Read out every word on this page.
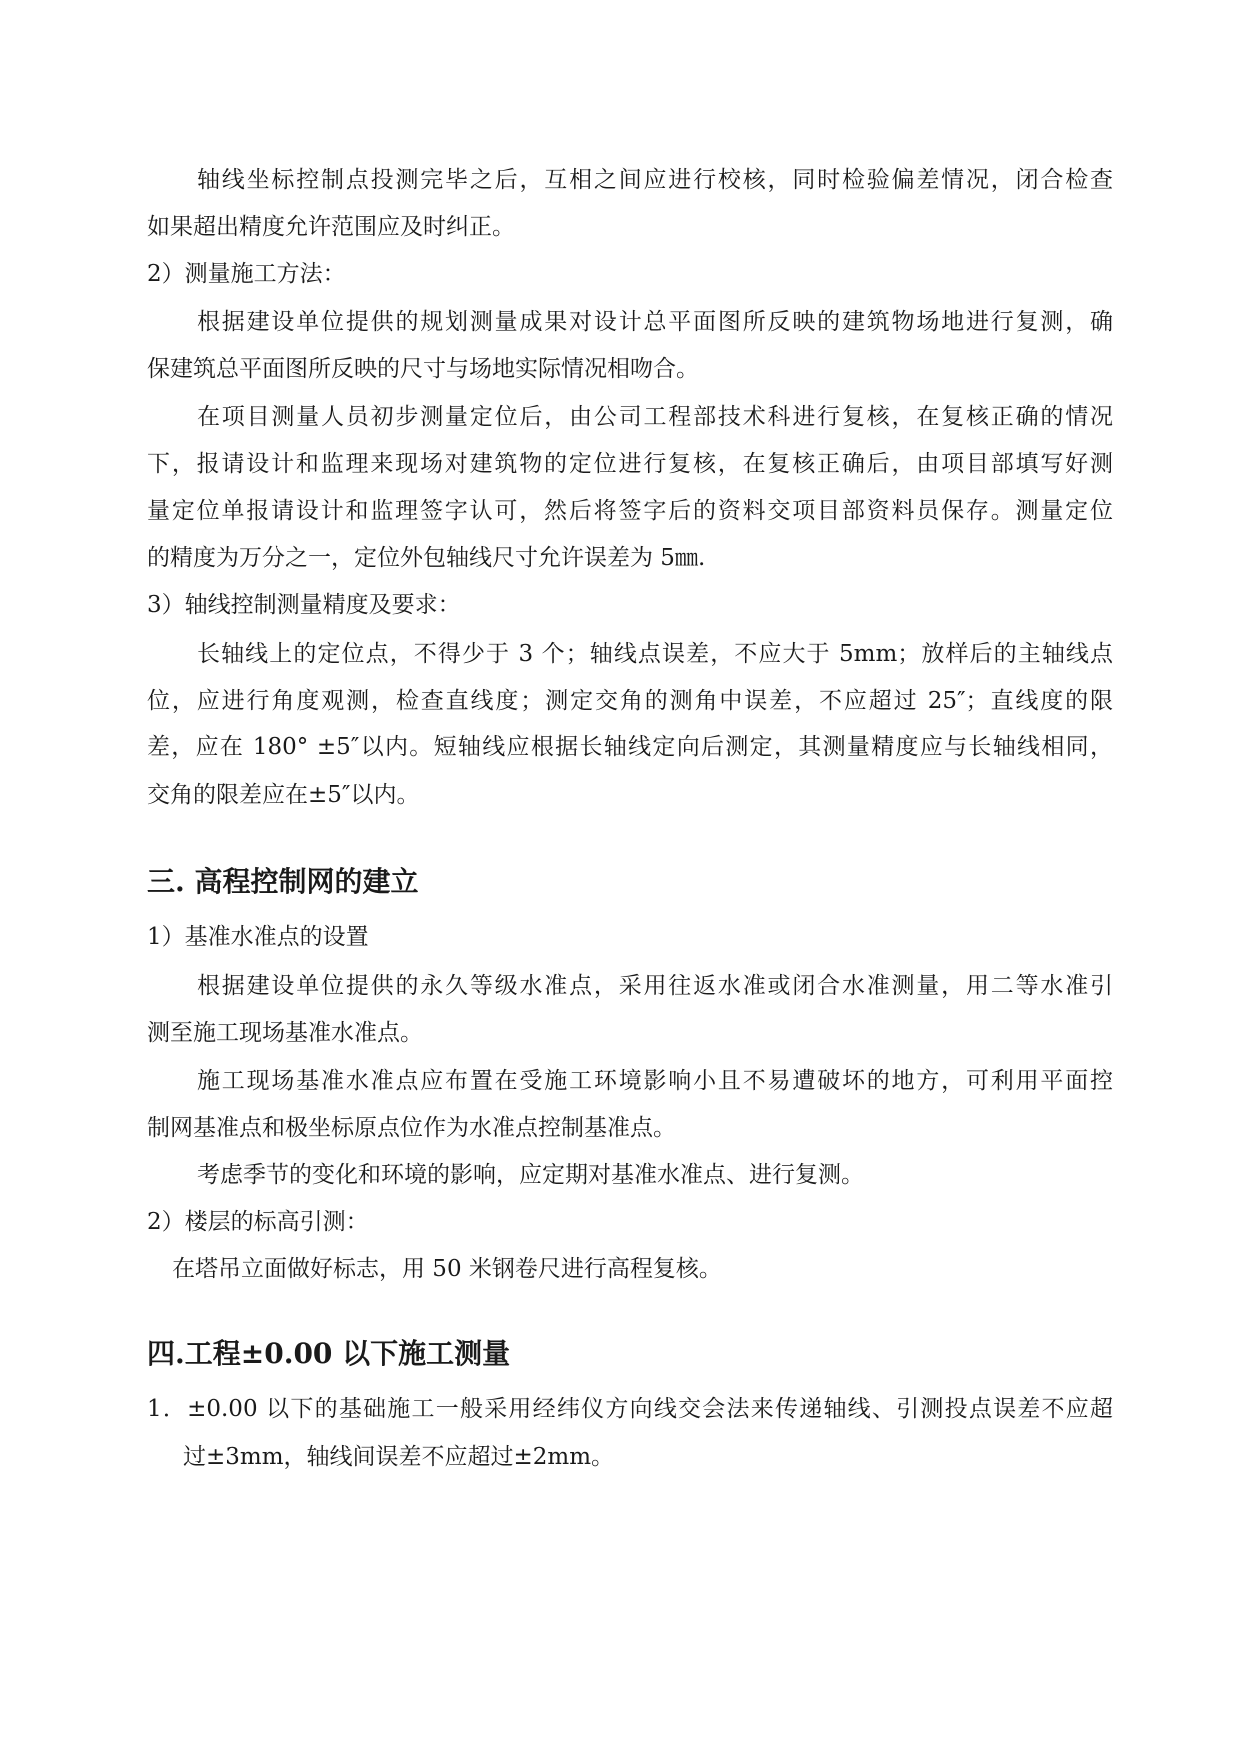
轴线坐标控制点投测完毕之后，互相之间应进行校核，同时检验偏差情况，闭合检查
如果超出精度允许范围应及时纠正。
2）测量施工方法：
根据建设单位提供的规划测量成果对设计总平面图所反映的建筑物场地进行复测，确
保建筑总平面图所反映的尺寸与场地实际情况相吻合。
在项目测量人员初步测量定位后，由公司工程部技术科进行复核，在复核正确的情况
下，报请设计和监理来现场对建筑物的定位进行复核，在复核正确后，由项目部填写好测
量定位单报请设计和监理签字认可，然后将签字后的资料交项目部资料员保存。测量定位
的精度为万分之一，定位外包轴线尺寸允许误差为 5㎜.
3）轴线控制测量精度及要求：
长轴线上的定位点，不得少于 3 个；轴线点误差，不应大于 5mm；放样后的主轴线点
位，应进行角度观测，检查直线度；测定交角的测角中误差，不应超过 25″；直线度的限
差，应在 180° ±5″以内。短轴线应根据长轴线定向后测定，其测量精度应与长轴线相同，
交角的限差应在±5″以内。
三. 高程控制网的建立
1）基准水准点的设置
根据建设单位提供的永久等级水准点，采用往返水准或闭合水准测量，用二等水准引
测至施工现场基准水准点。
施工现场基准水准点应布置在受施工环境影响小且不易遭破坏的地方，可利用平面控
制网基准点和极坐标原点位作为水准点控制基准点。
考虑季节的变化和环境的影响，应定期对基准水准点、进行复测。
2）楼层的标高引测：
在塔吊立面做好标志，用 50 米钢卷尺进行高程复核。
四.工程±0.00 以下施工测量
1．±0.00 以下的基础施工一般采用经纬仪方向线交会法来传递轴线、引测投点误差不应超
过±3mm，轴线间误差不应超过±2mm。
